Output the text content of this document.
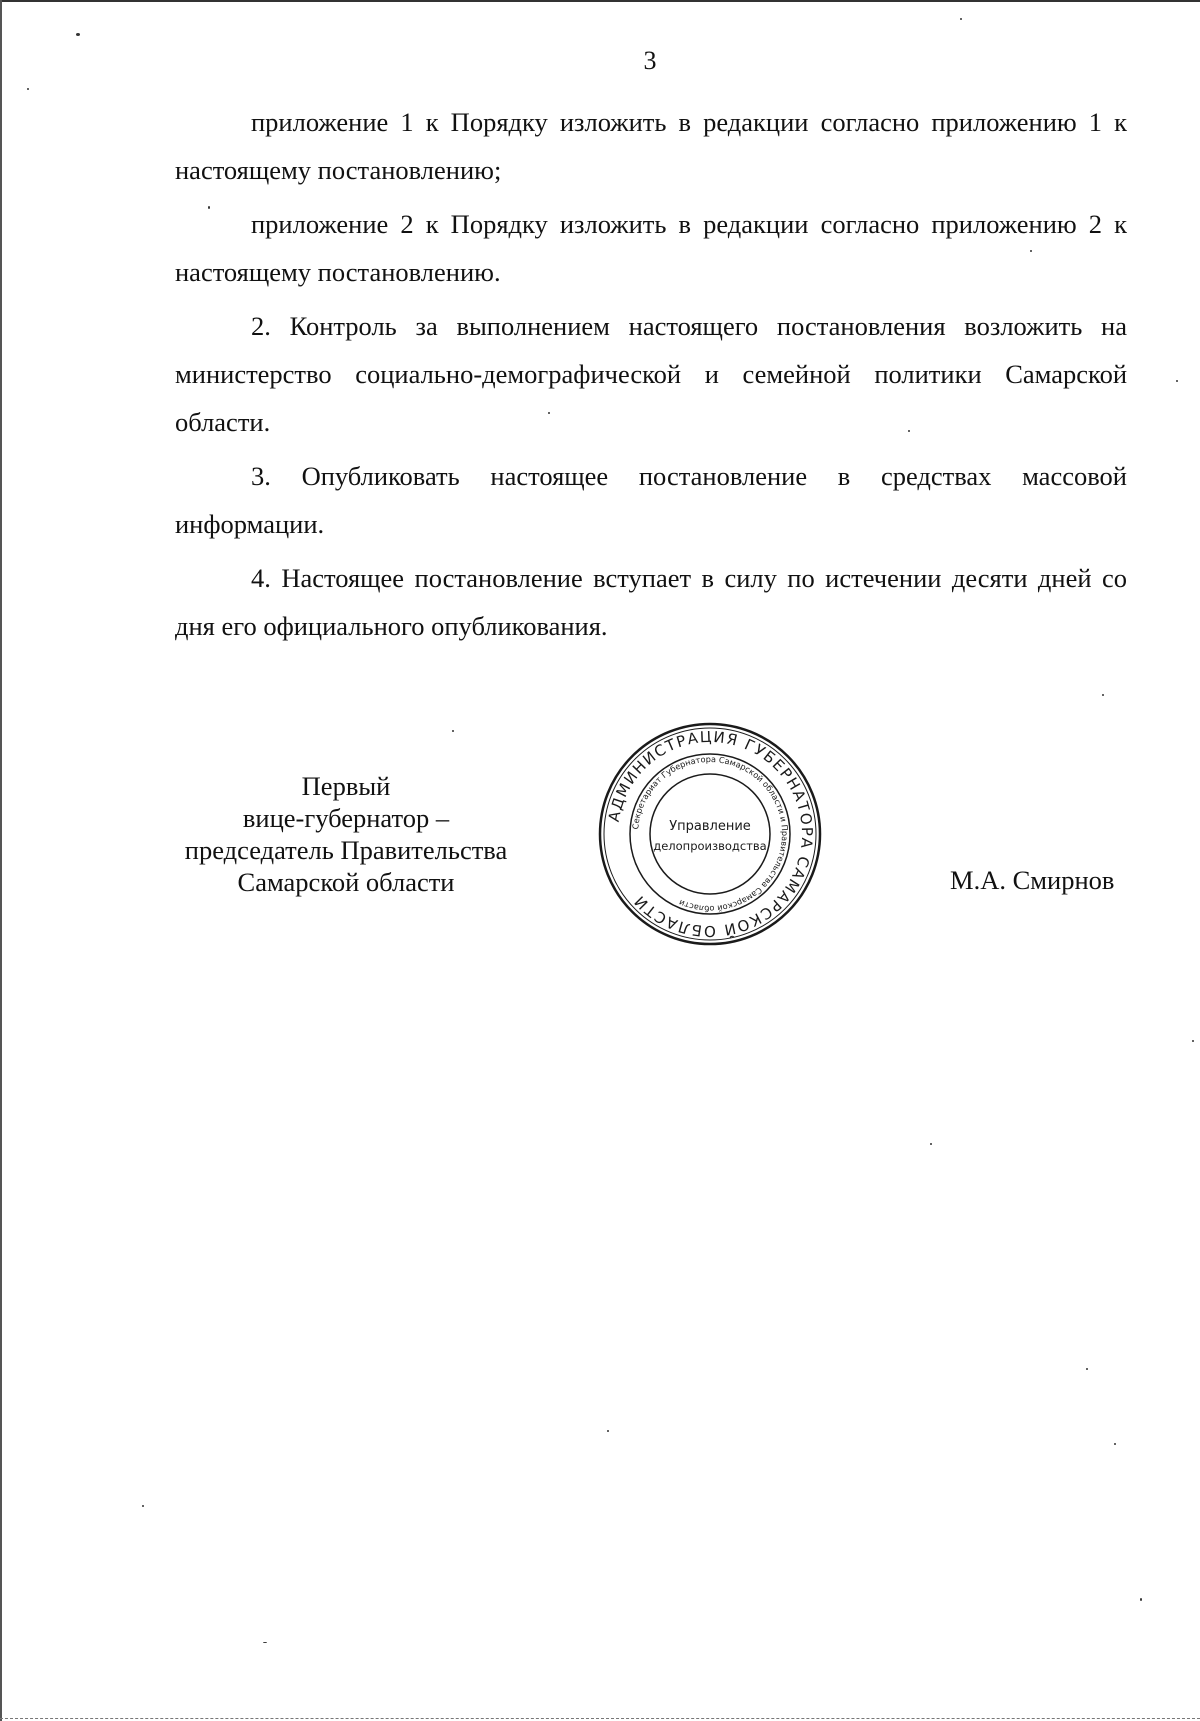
3

приложение 1 к Порядку изложить в редакции согласно приложению 1 к настоящему постановлению;

приложение 2 к Порядку изложить в редакции согласно приложению 2 к настоящему постановлению.

2. Контроль за выполнением настоящего постановления возложить на министерство социально-демографической и семейной политики Самарской области.

3. Опубликовать настоящее постановление в средствах массовой информации.

4. Настоящее постановление вступает в силу по истечении десяти дней со дня его официального опубликования.

Первый
вице-губернатор –
председатель Правительства
Самарской области	М.А. Смирнов
АДМИНИСТРАЦИЯ ГУБЕРНАТОРА САМАРСКОЙ ОБЛАСТИ
Секретариат Губернатора Самарской области и Правительства Самарской области
Управление
делопроизводства
